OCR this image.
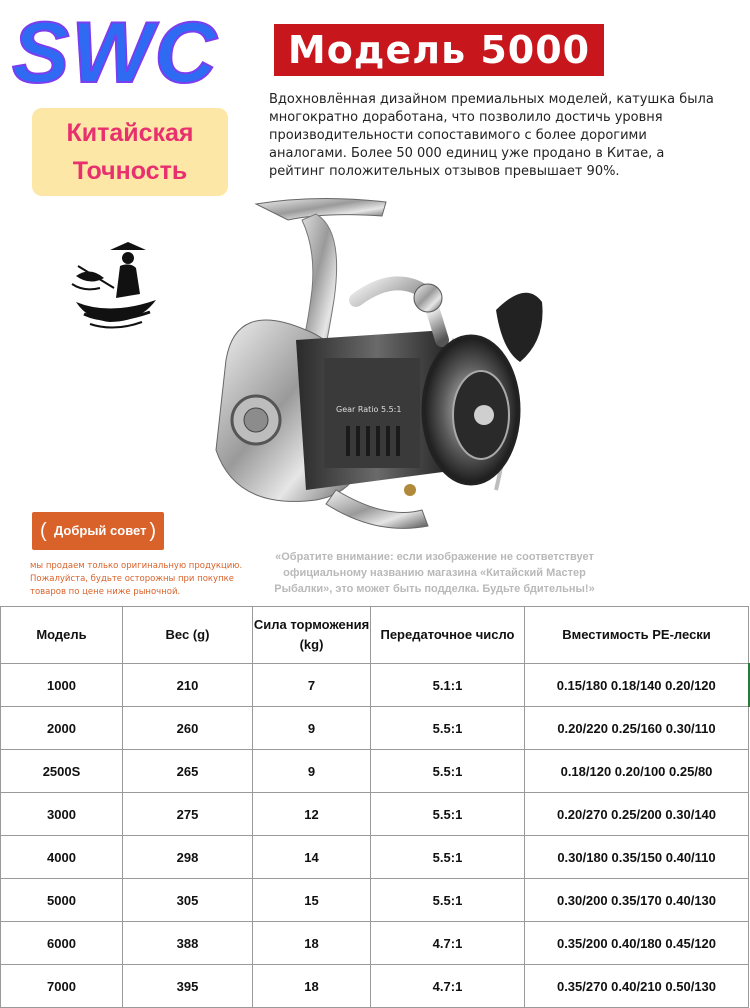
SWC	Модель 5000
Китайская
Точность
Вдохновлённая дизайном премиальных моделей, катушка была многократно доработана, что позволило достичь уровня производительности сопоставимого с более дорогими аналогами. Более 50 000 единиц уже продано в Китае, а рейтинг положительных отзывов превышает 90%.
Gear Ratio 5.5:1
( Добрый совет )
мы продаем только оригинальную продукцию. Пожалуйста, будьте осторожны при покупке товаров по цене ниже рыночной.
«Обратите внимание: если изображение не соответствует официальному названию магазина «Китайский Мастер Рыбалки», это может быть подделка. Будьте бдительны!»
Модель	Вес (g)	Сила торможения (kg)	Передаточное число	Вместимость PE-лески
1000	210	7	5.1:1	0.15/180 0.18/140 0.20/120
2000	260	9	5.5:1	0.20/220 0.25/160 0.30/110
2500S	265	9	5.5:1	0.18/120 0.20/100 0.25/80
3000	275	12	5.5:1	0.20/270 0.25/200 0.30/140
4000	298	14	5.5:1	0.30/180 0.35/150 0.40/110
5000	305	15	5.5:1	0.30/200 0.35/170 0.40/130
6000	388	18	4.7:1	0.35/200 0.40/180 0.45/120
7000	395	18	4.7:1	0.35/270 0.40/210 0.50/130
